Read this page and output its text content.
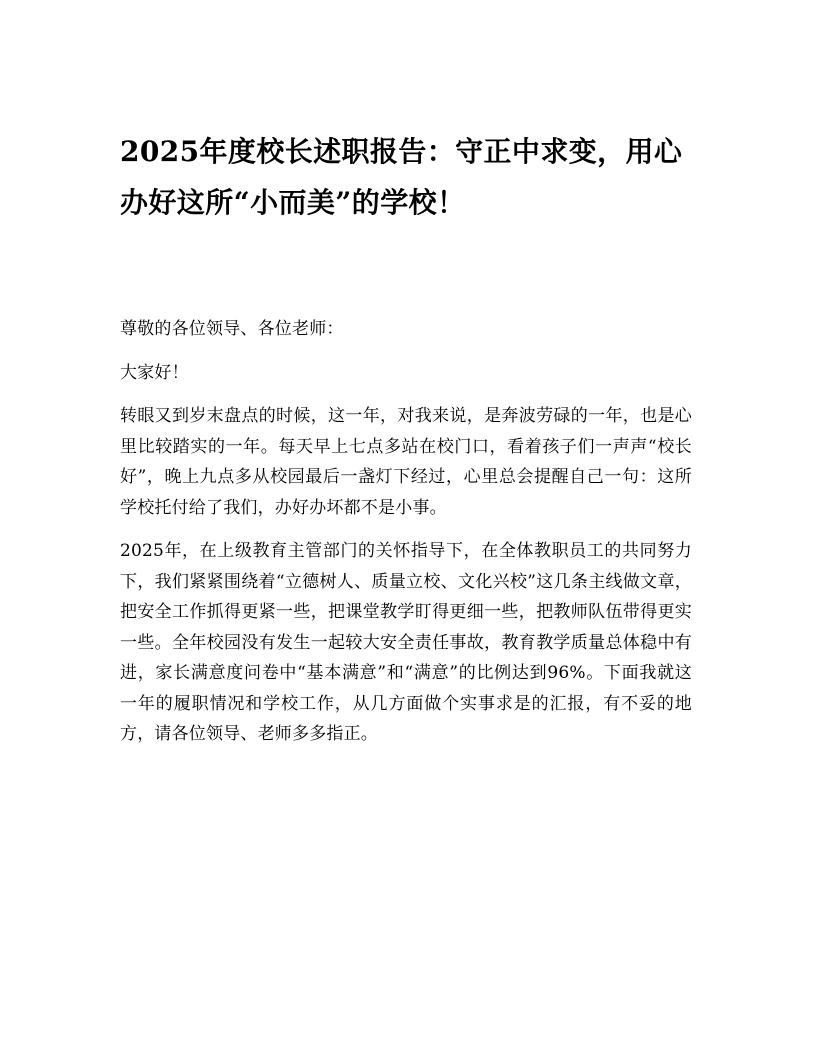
2025年度校长述职报告：守正中求变，用心办好这所“小而美”的学校！

尊敬的各位领导、各位老师：

大家好！

转眼又到岁末盘点的时候，这一年，对我来说，是奔波劳碌的一年，也是心里比较踏实的一年。每天早上七点多站在校门口，看着孩子们一声声“校长好”，晚上九点多从校园最后一盏灯下经过，心里总会提醒自己一句：这所学校托付给了我们，办好办坏都不是小事。

2025年，在上级教育主管部门的关怀指导下，在全体教职员工的共同努力下，我们紧紧围绕着“立德树人、质量立校、文化兴校”这几条主线做文章，把安全工作抓得更紧一些，把课堂教学盯得更细一些，把教师队伍带得更实一些。全年校园没有发生一起较大安全责任事故，教育教学质量总体稳中有进，家长满意度问卷中“基本满意”和“满意”的比例达到96%。下面我就这一年的履职情况和学校工作，从几方面做个实事求是的汇报，有不妥的地方，请各位领导、老师多多指正。
